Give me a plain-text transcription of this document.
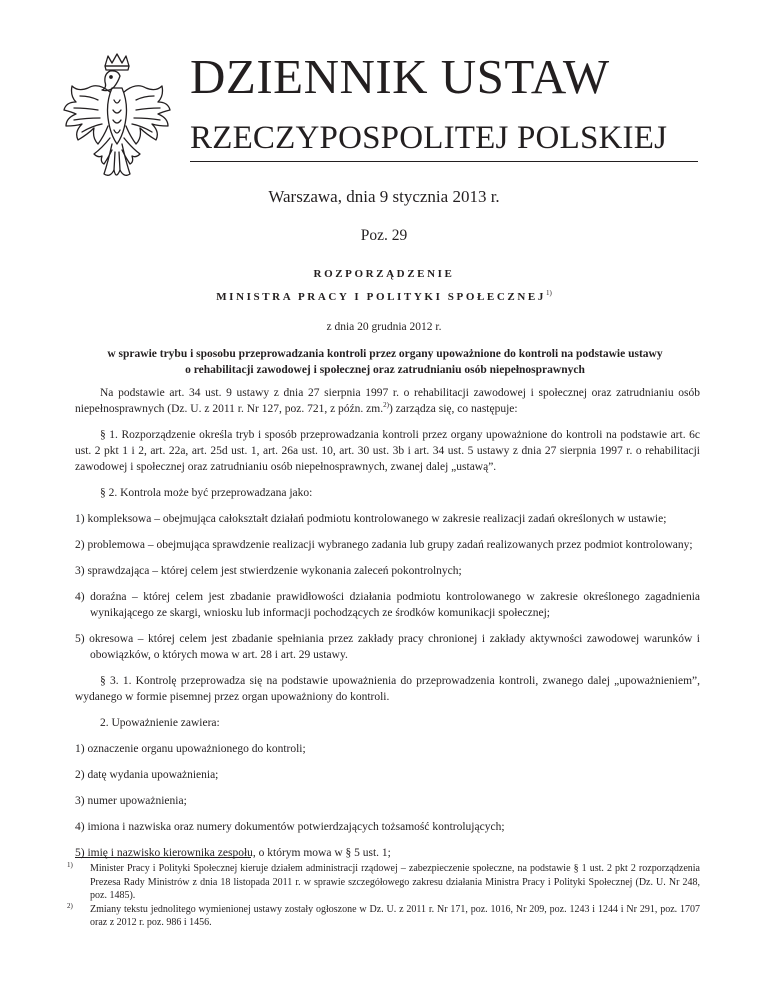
DZIENNIK USTAW
RZECZYPOSPOLITEJ POLSKIEJ
Warszawa, dnia 9 stycznia 2013 r.
Poz. 29
ROZPORZĄDZENIE
MINISTRA PRACY I POLITYKI SPOŁECZNEJ$^{1)}$
z dnia 20 grudnia 2012 r.
w sprawie trybu i sposobu przeprowadzania kontroli przez organy upoważnione do kontroli na podstawie ustawy
o rehabilitacji zawodowej i społecznej oraz zatrudnianiu osób niepełnosprawnych

Na podstawie art. 34 ust. 9 ustawy z dnia 27 sierpnia 1997 r. o rehabilitacji zawodowej i społecznej oraz zatrudnianiu osób niepełnosprawnych (Dz. U. z 2011 r. Nr 127, poz. 721, z późn. zm.$^{2)}$) zarządza się, co następuje:

§ 1. Rozporządzenie określa tryb i sposób przeprowadzania kontroli przez organy upoważnione do kontroli na podstawie art. 6c ust. 2 pkt 1 i 2, art. 22a, art. 25d ust. 1, art. 26a ust. 10, art. 30 ust. 3b i art. 34 ust. 5 ustawy z dnia 27 sierpnia 1997 r. o rehabilitacji zawodowej i społecznej oraz zatrudnianiu osób niepełnosprawnych, zwanej dalej „ustawą”.

§ 2. Kontrola może być przeprowadzana jako:

1) kompleksowa – obejmująca całokształt działań podmiotu kontrolowanego w zakresie realizacji zadań określonych w ustawie;

2) problemowa – obejmująca sprawdzenie realizacji wybranego zadania lub grupy zadań realizowanych przez podmiot kontrolowany;

3) sprawdzająca – której celem jest stwierdzenie wykonania zaleceń pokontrolnych;

4) doraźna – której celem jest zbadanie prawidłowości działania podmiotu kontrolowanego w zakresie określonego zagadnienia wynikającego ze skargi, wniosku lub informacji pochodzących ze środków komunikacji społecznej;

5) okresowa – której celem jest zbadanie spełniania przez zakłady pracy chronionej i zakłady aktywności zawodowej warunków i obowiązków, o których mowa w art. 28 i art. 29 ustawy.

§ 3. 1. Kontrolę przeprowadza się na podstawie upoważnienia do przeprowadzenia kontroli, zwanego dalej „upoważnieniem”, wydanego w formie pisemnej przez organ upoważniony do kontroli.

2. Upoważnienie zawiera:

1) oznaczenie organu upoważnionego do kontroli;

2) datę wydania upoważnienia;

3) numer upoważnienia;

4) imiona i nazwiska oraz numery dokumentów potwierdzających tożsamość kontrolujących;

5) imię i nazwisko kierownika zespołu, o którym mowa w § 5 ust. 1;

1) Minister Pracy i Polityki Społecznej kieruje działem administracji rządowej – zabezpieczenie społeczne, na podstawie § 1 ust. 2 pkt 2 rozporządzenia Prezesa Rady Ministrów z dnia 18 listopada 2011 r. w sprawie szczegółowego zakresu działania Ministra Pracy i Polityki Społecznej (Dz. U. Nr 248, poz. 1485).
2) Zmiany tekstu jednolitego wymienionej ustawy zostały ogłoszone w Dz. U. z 2011 r. Nr 171, poz. 1016, Nr 209, poz. 1243 i 1244 i Nr 291, poz. 1707 oraz z 2012 r. poz. 986 i 1456.
